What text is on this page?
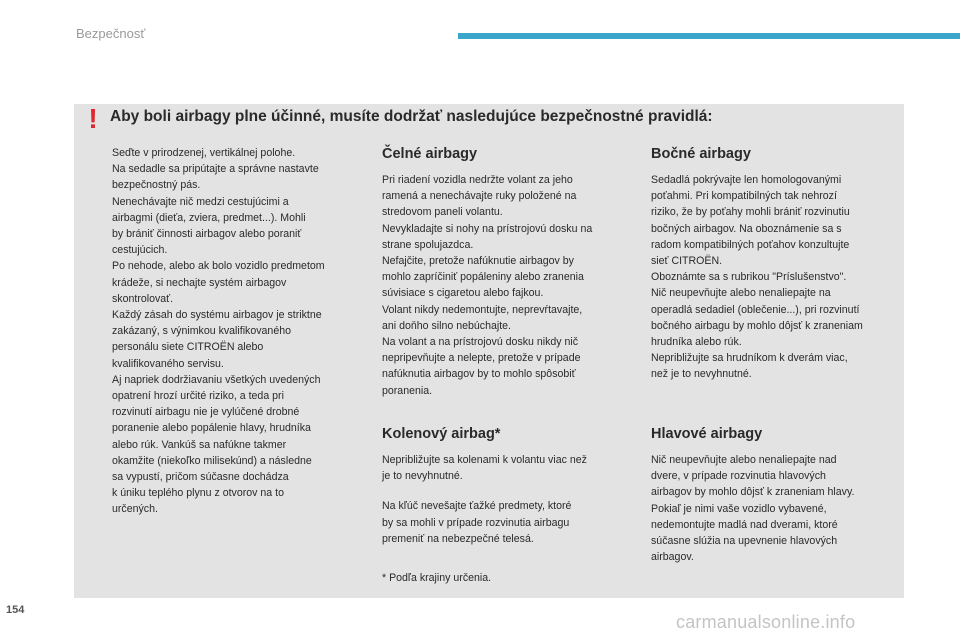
Bezpečnosť
! Aby boli airbagy plne účinné, musíte dodržať nasledujúce bezpečnostné pravidlá:

Seďte v prirodzenej, vertikálnej polohe.
Na sedadle sa pripútajte a správne nastavte
bezpečnostný pás.
Nenechávajte nič medzi cestujúcimi a
airbagmi (dieťa, zviera, predmet...). Mohli
by brániť činnosti airbagov alebo poraniť
cestujúcich.
Po nehode, alebo ak bolo vozidlo predmetom
krádeže, si nechajte systém airbagov
skontrolovať.
Každý zásah do systému airbagov je striktne
zakázaný, s výnimkou kvalifikovaného
personálu siete CITROËN alebo
kvalifikovaného servisu.
Aj napriek dodržiavaniu všetkých uvedených
opatrení hrozí určité riziko, a teda pri
rozvinutí airbagu nie je vylúčené drobné
poranenie alebo popálenie hlavy, hrudníka
alebo rúk. Vankúš sa nafúkne takmer
okamžite (niekoľko milisekúnd) a následne
sa vypustí, pričom súčasne dochádza
k úniku teplého plynu z otvorov na to
určených.

Čelné airbagy

Pri riadení vozidla nedržte volant za jeho
ramená a nenechávajte ruky položené na
stredovom paneli volantu.
Nevykladajte si nohy na prístrojovú dosku na
strane spolujazdca.
Nefajčite, pretože nafúknutie airbagov by
mohlo zapríčiniť popáleniny alebo zranenia
súvisiace s cigaretou alebo fajkou.
Volant nikdy nedemontujte, neprevŕtavajte,
ani doňho silno nebúchajte.
Na volant a na prístrojovú dosku nikdy nič
nepripevňujte a nelepte, pretože v prípade
nafúknutia airbagov by to mohlo spôsobiť
poranenia.

Kolenový airbag*

Nepribližujte sa kolenami k volantu viac než
je to nevyhnutné.

Na kľúč nevešajte ťažké predmety, ktoré
by sa mohli v prípade rozvinutia airbagu
premeniť na nebezpečné telesá.

* Podľa krajiny určenia.

Bočné airbagy

Sedadlá pokrývajte len homologovanými
poťahmi. Pri kompatibilných tak nehrozí
riziko, že by poťahy mohli brániť rozvinutiu
bočných airbagov. Na oboznámenie sa s
radom kompatibilných poťahov konzultujte
sieť CITROËN.
Oboznámte sa s rubrikou "Príslušenstvo".
Nič neupevňujte alebo nenaliepajte na
operadlá sedadiel (oblečenie...), pri rozvinutí
bočného airbagu by mohlo dôjsť k zraneniam
hrudníka alebo rúk.
Nepribližujte sa hrudníkom k dverám viac,
než je to nevyhnutné.

Hlavové airbagy

Nič neupevňujte alebo nenaliepajte nad
dvere, v prípade rozvinutia hlavových
airbagov by mohlo dôjsť k zraneniam hlavy.
Pokiaľ je nimi vaše vozidlo vybavené,
nedemontujte madlá nad dverami, ktoré
súčasne slúžia na upevnenie hlavových
airbagov.

154
carmanualsonline.info
